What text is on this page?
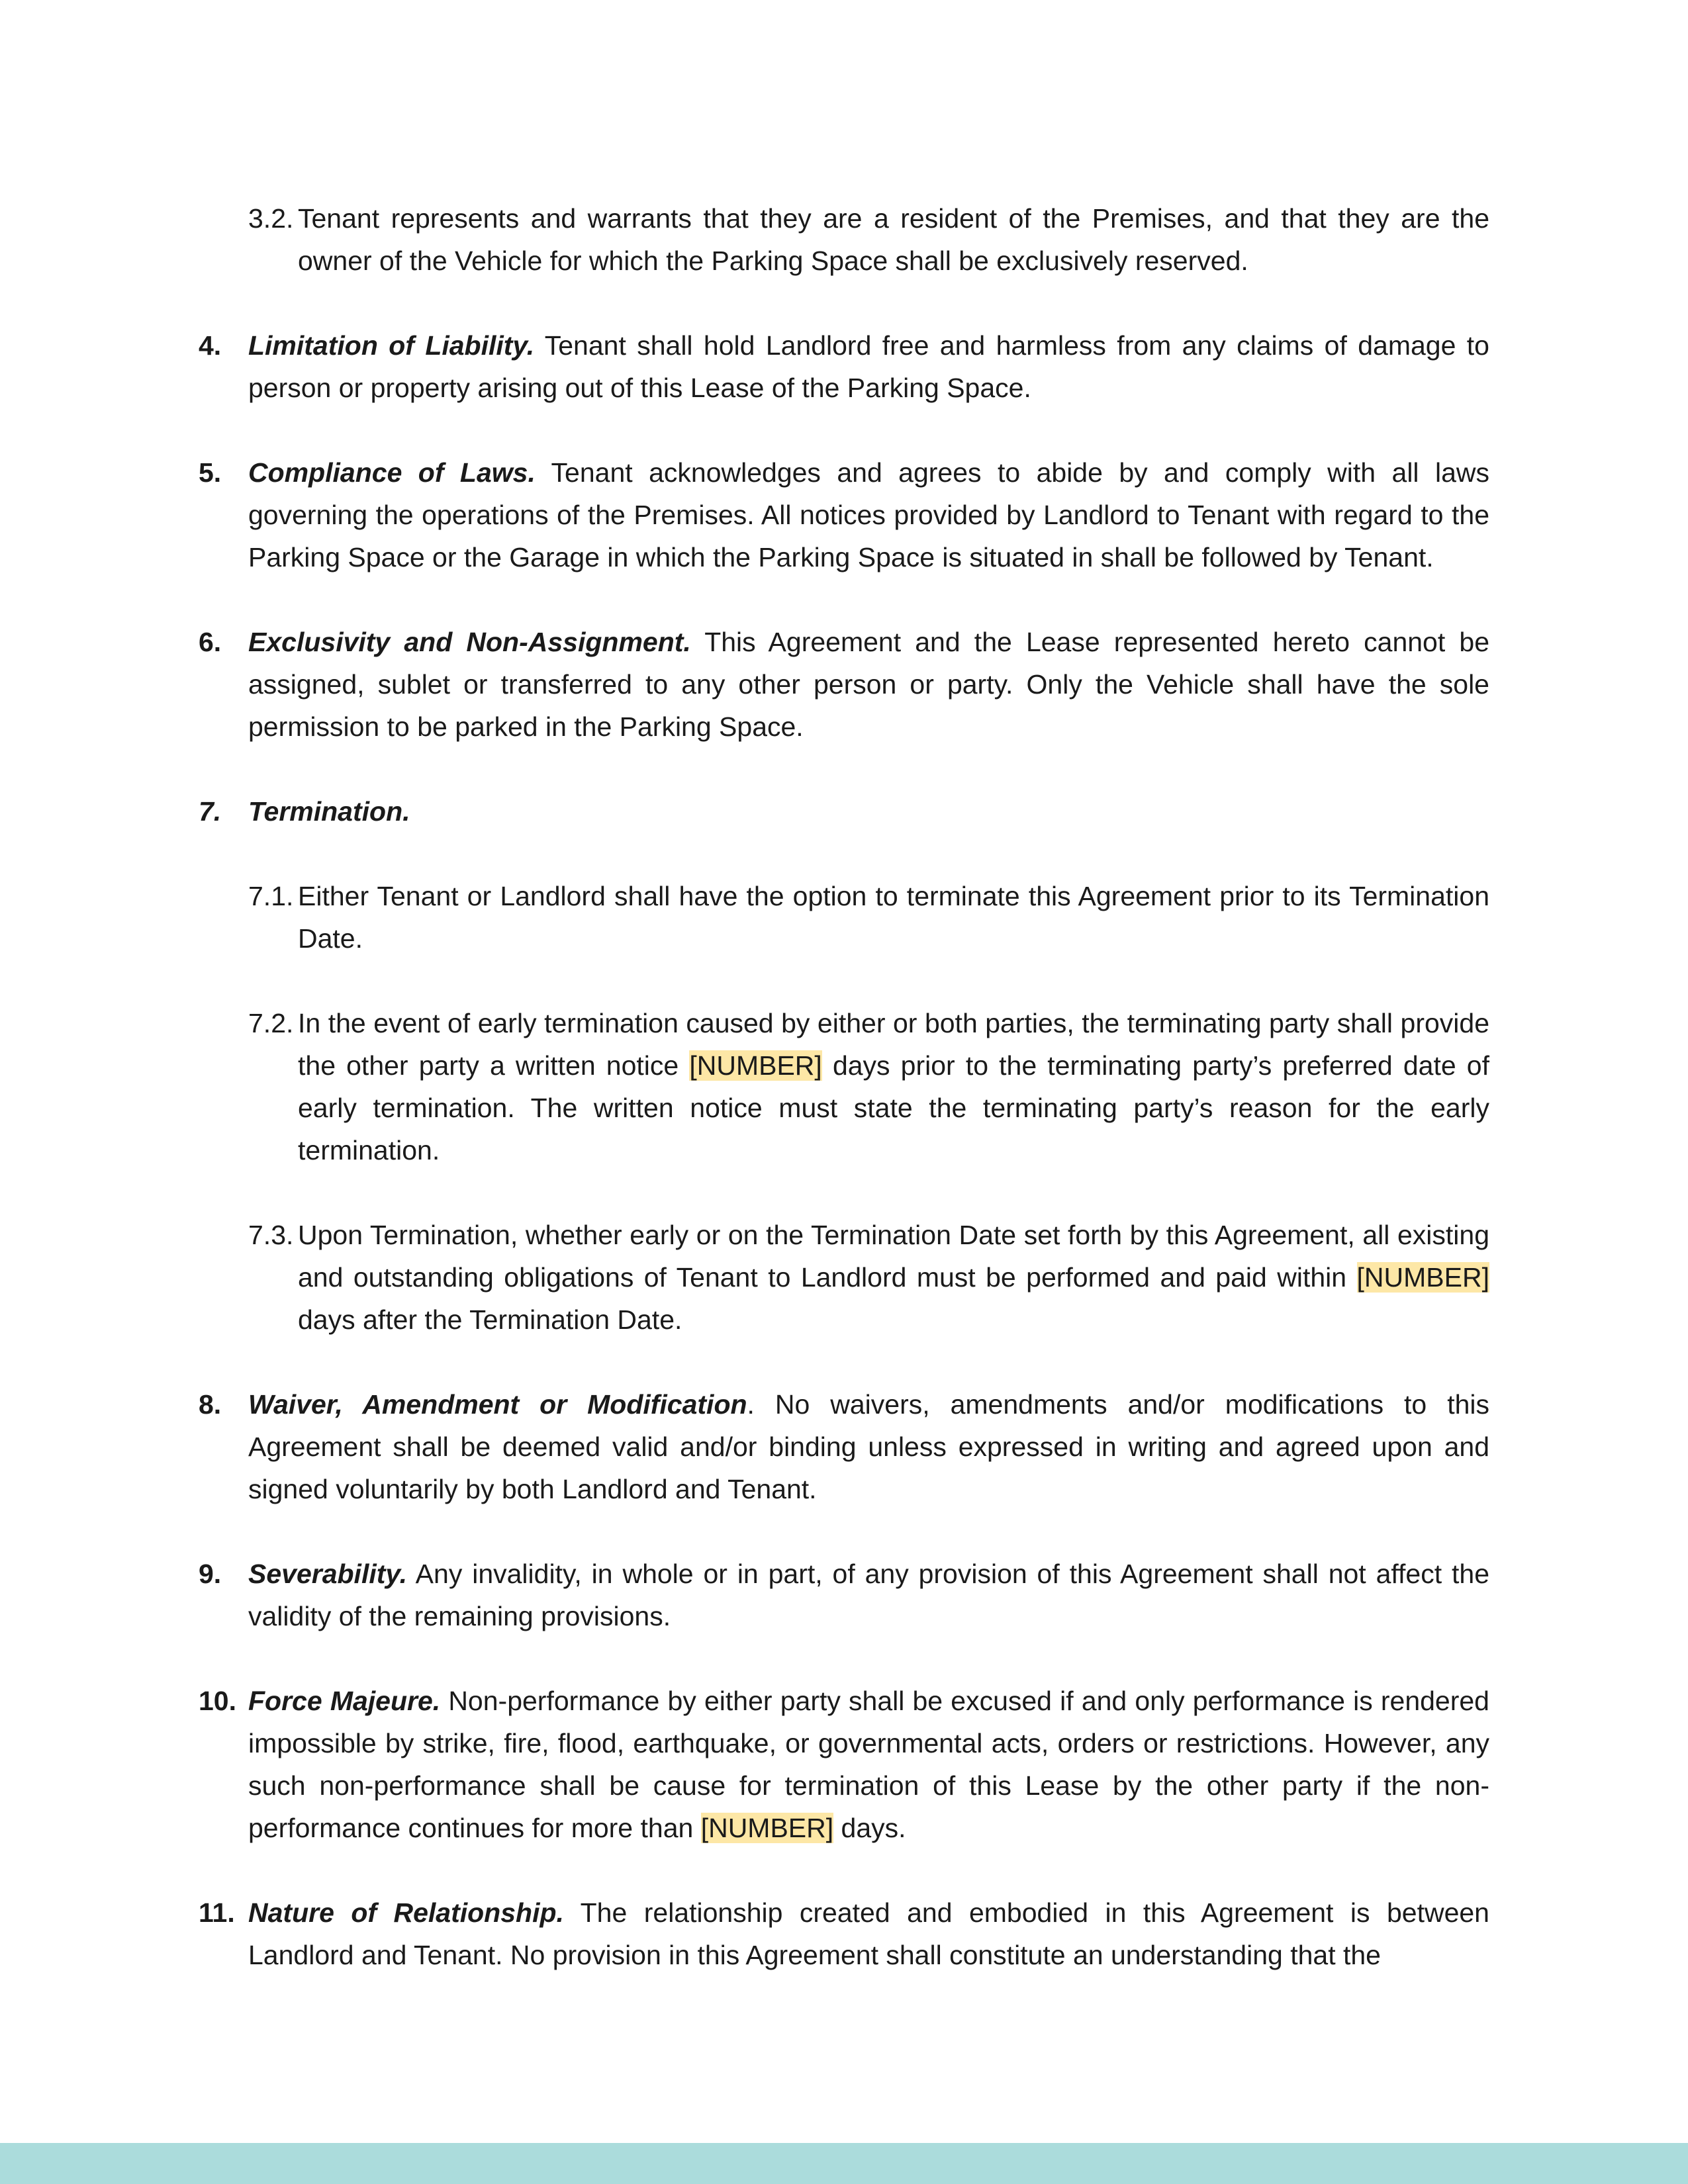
3.2. Tenant represents and warrants that they are a resident of the Premises, and that they are the owner of the Vehicle for which the Parking Space shall be exclusively reserved.
4. Limitation of Liability. Tenant shall hold Landlord free and harmless from any claims of damage to person or property arising out of this Lease of the Parking Space.
5. Compliance of Laws. Tenant acknowledges and agrees to abide by and comply with all laws governing the operations of the Premises. All notices provided by Landlord to Tenant with regard to the Parking Space or the Garage in which the Parking Space is situated in shall be followed by Tenant.
6. Exclusivity and Non-Assignment. This Agreement and the Lease represented hereto cannot be assigned, sublet or transferred to any other person or party. Only the Vehicle shall have the sole permission to be parked in the Parking Space.
7. Termination.
7.1. Either Tenant or Landlord shall have the option to terminate this Agreement prior to its Termination Date.
7.2. In the event of early termination caused by either or both parties, the terminating party shall provide the other party a written notice [NUMBER] days prior to the terminating party’s preferred date of early termination. The written notice must state the terminating party’s reason for the early termination.
7.3. Upon Termination, whether early or on the Termination Date set forth by this Agreement, all existing and outstanding obligations of Tenant to Landlord must be performed and paid within [NUMBER] days after the Termination Date.
8. Waiver, Amendment or Modification. No waivers, amendments and/or modifications to this Agreement shall be deemed valid and/or binding unless expressed in writing and agreed upon and signed voluntarily by both Landlord and Tenant.
9. Severability. Any invalidity, in whole or in part, of any provision of this Agreement shall not affect the validity of the remaining provisions.
10. Force Majeure. Non-performance by either party shall be excused if and only performance is rendered impossible by strike, fire, flood, earthquake, or governmental acts, orders or restrictions. However, any such non-performance shall be cause for termination of this Lease by the other party if the non-performance continues for more than [NUMBER] days.
11. Nature of Relationship. The relationship created and embodied in this Agreement is between Landlord and Tenant. No provision in this Agreement shall constitute an understanding that the
